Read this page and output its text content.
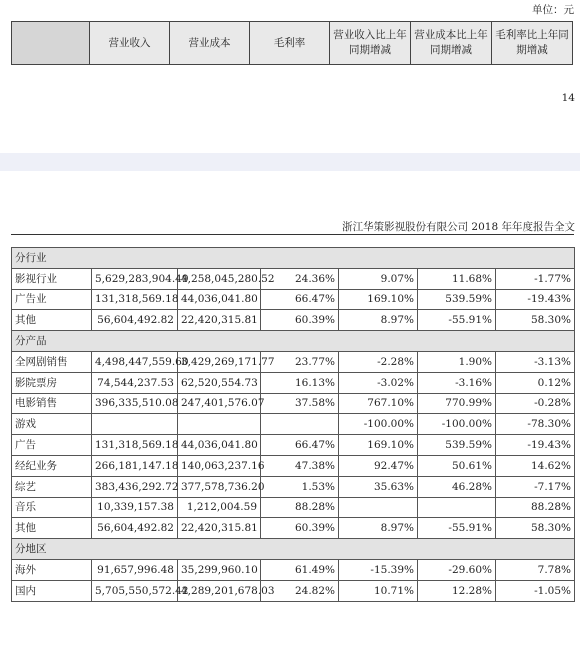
单位：元
	营业收入	营业成本	毛利率	营业收入比上年同期增减	营业成本比上年同期增减	毛利率比上年同期增减
14
浙江华策影视股份有限公司 2018 年年度报告全文
分行业						
影视行业	5,629,283,904.49	4,258,045,280.52	24.36%	9.07%	11.68%	-1.77%
广告业	131,318,569.18	44,036,041.80	66.47%	169.10%	539.59%	-19.43%
其他	56,604,492.82	22,420,315.81	60.39%	8.97%	-55.91%	58.30%
分产品						
全网剧销售	4,498,447,559.60	3,429,269,171.77	23.77%	-2.28%	1.90%	-3.13%
影院票房	74,544,237.53	62,520,554.73	16.13%	-3.02%	-3.16%	0.12%
电影销售	396,335,510.08	247,401,576.07	37.58%	767.10%	770.99%	-0.28%
游戏				-100.00%	-100.00%	-78.30%
广告	131,318,569.18	44,036,041.80	66.47%	169.10%	539.59%	-19.43%
经纪业务	266,181,147.18	140,063,237.16	47.38%	92.47%	50.61%	14.62%
综艺	383,436,292.72	377,578,736.20	1.53%	35.63%	46.28%	-7.17%
音乐	10,339,157.38	1,212,004.59	88.28%			88.28%
其他	56,604,492.82	22,420,315.81	60.39%	8.97%	-55.91%	58.30%
分地区						
海外	91,657,996.48	35,299,960.10	61.49%	-15.39%	-29.60%	7.78%
国内	5,705,550,572.42	4,289,201,678.03	24.82%	10.71%	12.28%	-1.05%
